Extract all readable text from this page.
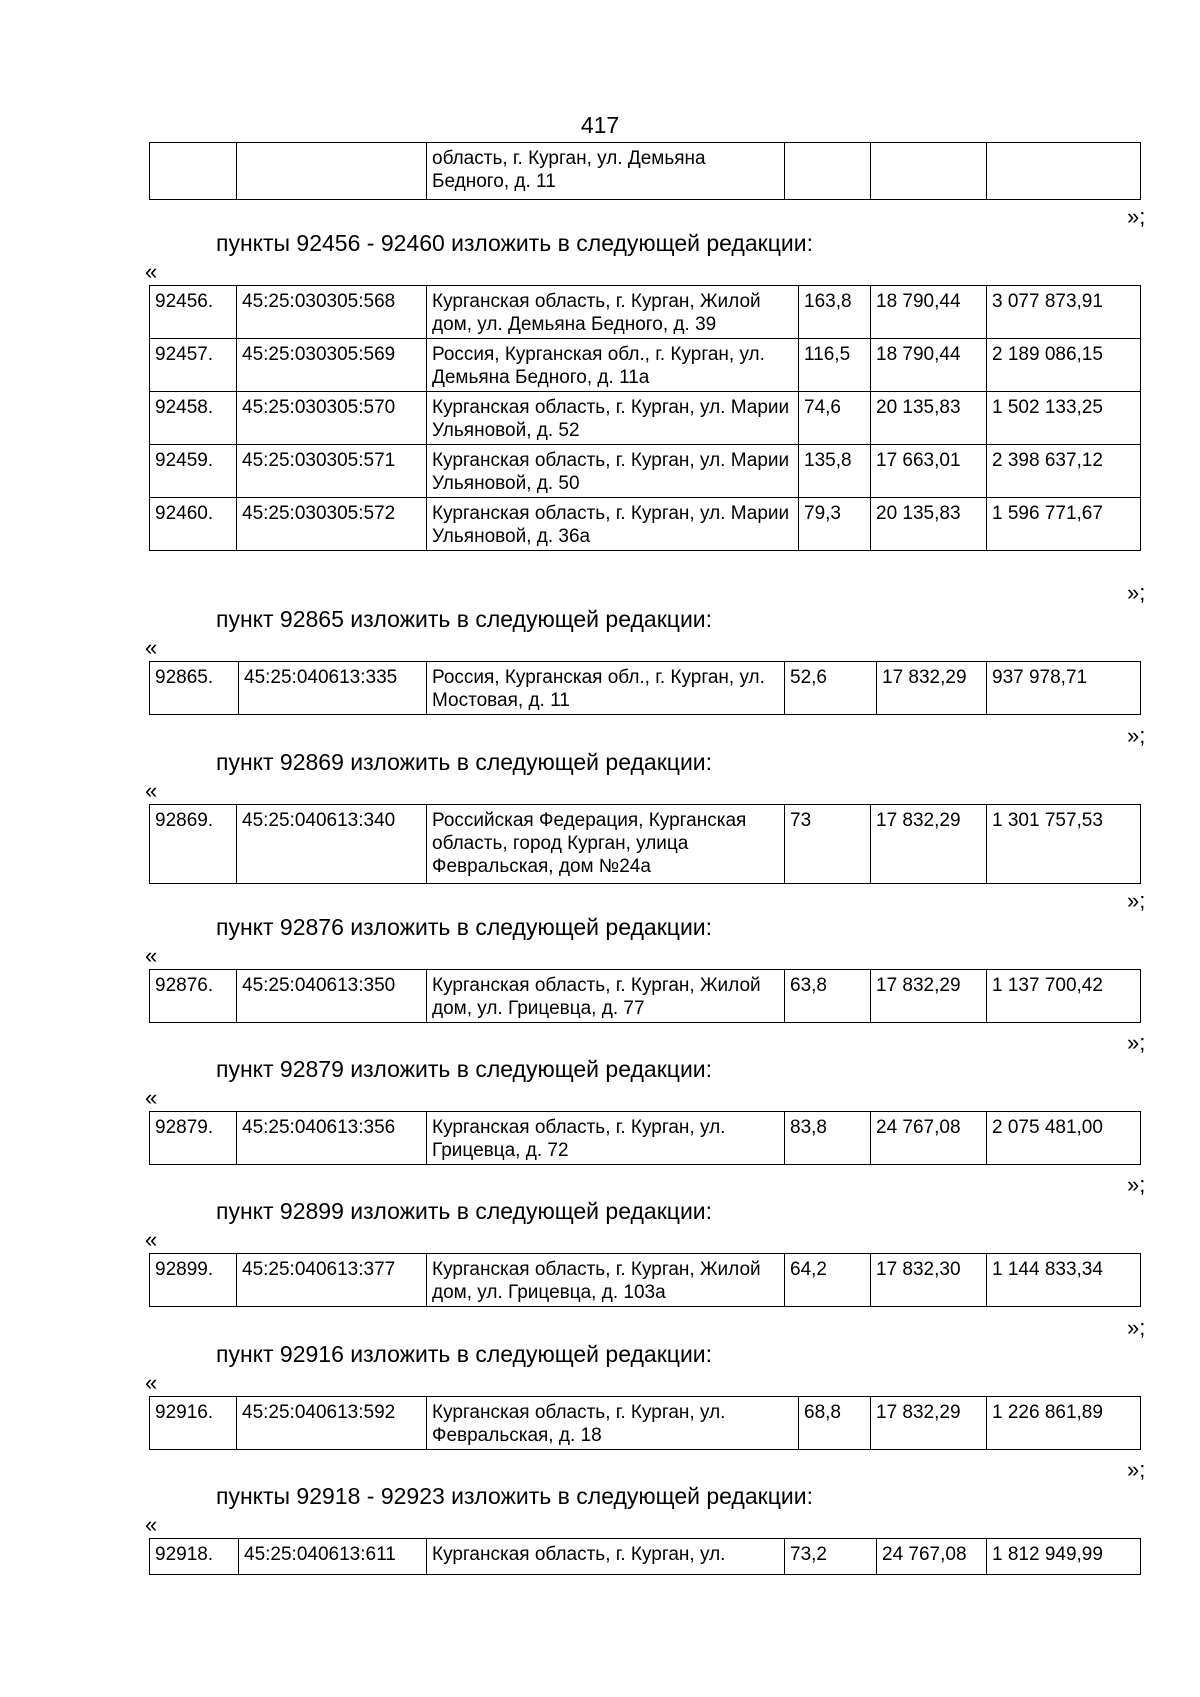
417
		область, г. Курган, ул. Демьяна Бедного, д. 11			
»;
пункты 92456 - 92460 изложить в следующей редакции:
«
92456.	45:25:030305:568	Курганская область, г. Курган, Жилой дом, ул. Демьяна Бедного, д. 39	163,8	18 790,44	3 077 873,91
92457.	45:25:030305:569	Россия, Курганская обл., г. Курган, ул. Демьяна Бедного, д. 11а	116,5	18 790,44	2 189 086,15
92458.	45:25:030305:570	Курганская область, г. Курган, ул. Марии Ульяновой, д. 52	74,6	20 135,83	1 502 133,25
92459.	45:25:030305:571	Курганская область, г. Курган, ул. Марии Ульяновой, д. 50	135,8	17 663,01	2 398 637,12
92460.	45:25:030305:572	Курганская область, г. Курган, ул. Марии Ульяновой, д. 36а	79,3	20 135,83	1 596 771,67
»;
пункт 92865 изложить в следующей редакции:
«
92865.	45:25:040613:335	Россия, Курганская обл., г. Курган, ул. Мостовая, д. 11	52,6	17 832,29	937 978,71
»;
пункт 92869 изложить в следующей редакции:
«
92869.	45:25:040613:340	Российская Федерация, Курганская область, город Курган, улица Февральская, дом №24а	73	17 832,29	1 301 757,53
»;
пункт 92876 изложить в следующей редакции:
«
92876.	45:25:040613:350	Курганская область, г. Курган, Жилой дом, ул. Грицевца, д. 77	63,8	17 832,29	1 137 700,42
»;
пункт 92879 изложить в следующей редакции:
«
92879.	45:25:040613:356	Курганская область, г. Курган, ул. Грицевца, д. 72	83,8	24 767,08	2 075 481,00
»;
пункт 92899 изложить в следующей редакции:
«
92899.	45:25:040613:377	Курганская область, г. Курган, Жилой дом, ул. Грицевца, д. 103а	64,2	17 832,30	1 144 833,34
»;
пункт 92916 изложить в следующей редакции:
«
92916.	45:25:040613:592	Курганская область, г. Курган, ул. Февральская, д. 18	68,8	17 832,29	1 226 861,89
»;
пункты 92918 - 92923 изложить в следующей редакции:
«
92918.	45:25:040613:611	Курганская область, г. Курган, ул.	73,2	24 767,08	1 812 949,99
